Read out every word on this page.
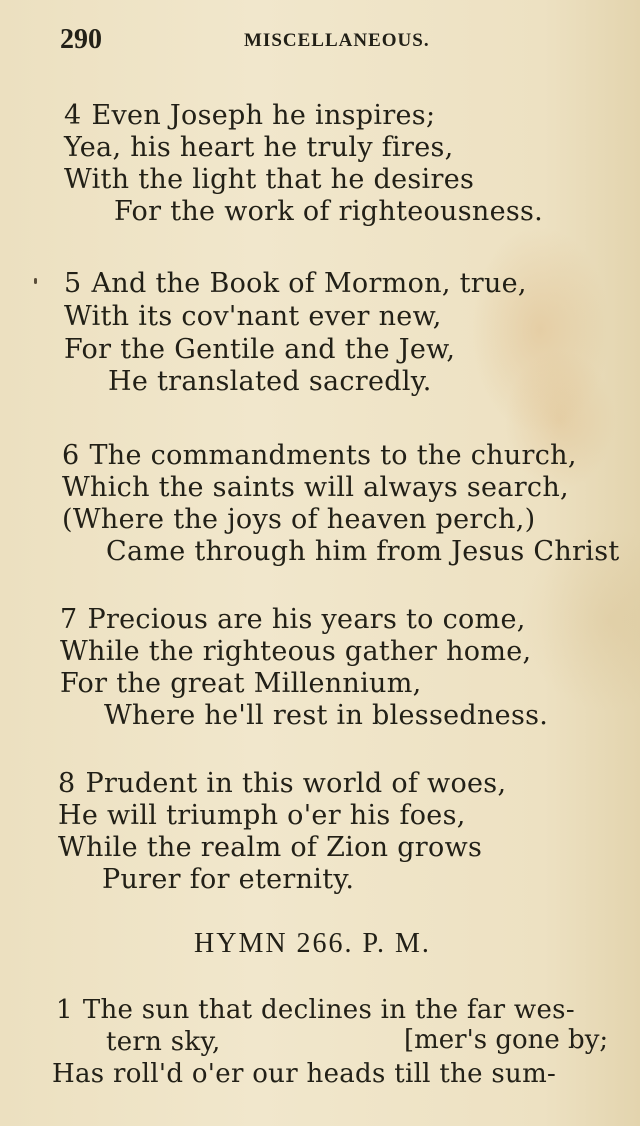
290	MISCELLANEOUS.
4 Even Joseph he inspires;
Yea, his heart he truly fires,
With the light that he desires
For the work of righteousness.
5 And the Book of Mormon, true,
With its cov'nant ever new,
For the Gentile and the Jew,
He translated sacredly.
6 The commandments to the church,
Which the saints will always search,
(Where the joys of heaven perch,)
Came through him from Jesus Christ
7 Precious are his years to come,
While the righteous gather home,
For the great Millennium,
Where he'll rest in blessedness.
8 Prudent in this world of woes,
He will triumph o'er his foes,
While the realm of Zion grows
Purer for eternity.
HYMN 266. P. M.
1 The sun that declines in the far wes-
tern sky,	[mer's gone by;
Has roll'd o'er our heads till the sum-
